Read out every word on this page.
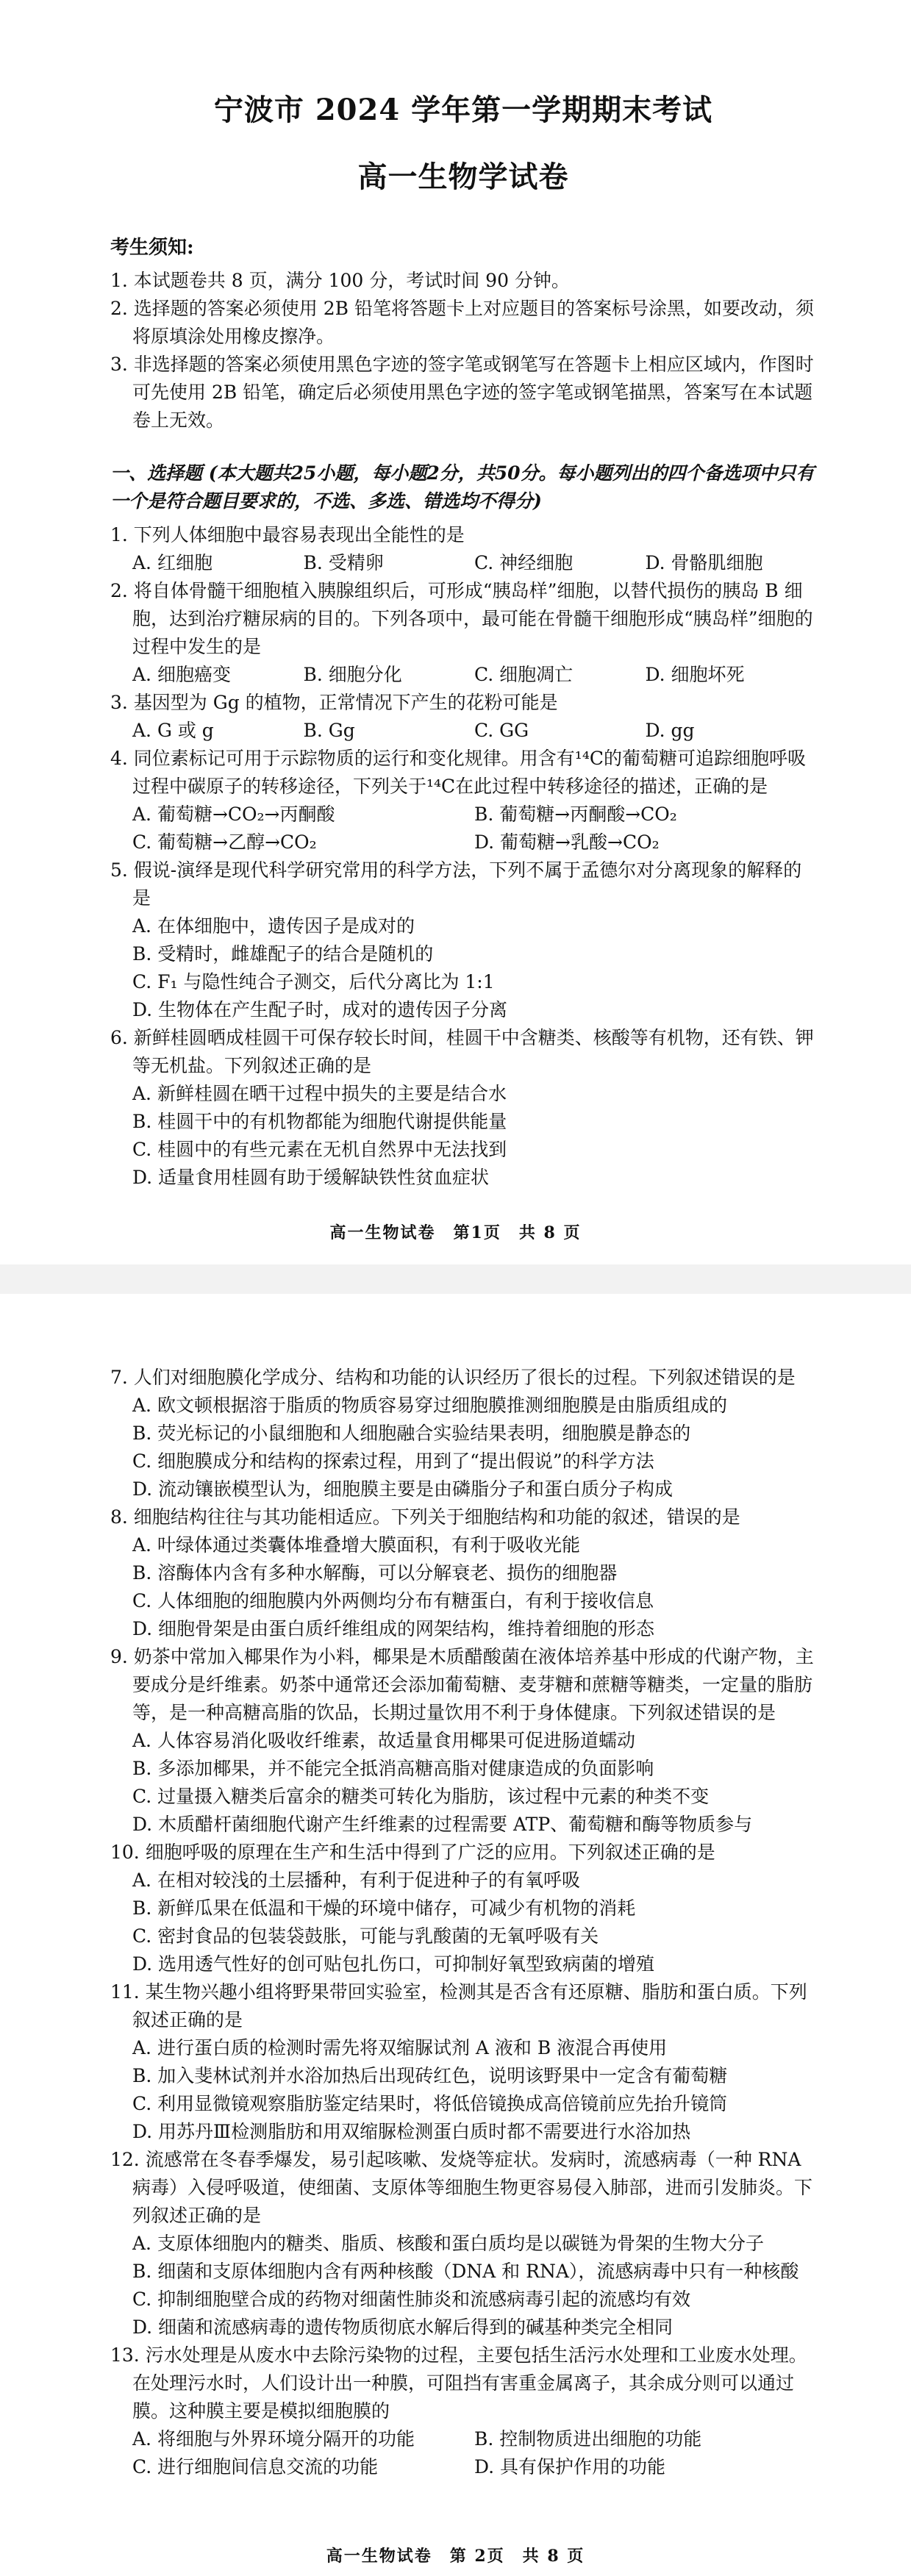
宁波市 2024 学年第一学期期末考试
高一生物学试卷
考生须知:
1. 本试题卷共 8 页，满分 100 分，考试时间 90 分钟。
2. 选择题的答案必须使用 2B 铅笔将答题卡上对应题目的答案标号涂黑，如要改动，须将原填涂处用橡皮擦净。
3. 非选择题的答案必须使用黑色字迹的签字笔或钢笔写在答题卡上相应区域内，作图时可先使用 2B 铅笔，确定后必须使用黑色字迹的签字笔或钢笔描黑，答案写在本试题卷上无效。
一、选择题 (本大题共25小题，每小题2分，共50分。每小题列出的四个备选项中只有一个是符合题目要求的，不选、多选、错选均不得分)
1. 下列人体细胞中最容易表现出全能性的是
A. 红细胞	B. 受精卵	C. 神经细胞	D. 骨骼肌细胞
2. 将自体骨髓干细胞植入胰腺组织后，可形成“胰岛样”细胞，以替代损伤的胰岛 B 细胞，达到治疗糖尿病的目的。下列各项中，最可能在骨髓干细胞形成“胰岛样”细胞的过程中发生的是
A. 细胞癌变	B. 细胞分化	C. 细胞凋亡	D. 细胞坏死
3. 基因型为 Gg 的植物，正常情况下产生的花粉可能是
A. G 或 g	B. Gg	C. GG	D. gg
4. 同位素标记可用于示踪物质的运行和变化规律。用含有¹⁴C的葡萄糖可追踪细胞呼吸过程中碳原子的转移途径，下列关于¹⁴C在此过程中转移途径的描述，正确的是
A. 葡萄糖→CO₂→丙酮酸	B. 葡萄糖→丙酮酸→CO₂
C. 葡萄糖→乙醇→CO₂	D. 葡萄糖→乳酸→CO₂
5. 假说-演绎是现代科学研究常用的科学方法，下列不属于孟德尔对分离现象的解释的是
A. 在体细胞中，遗传因子是成对的
B. 受精时，雌雄配子的结合是随机的
C. F₁ 与隐性纯合子测交，后代分离比为 1:1
D. 生物体在产生配子时，成对的遗传因子分离
6. 新鲜桂圆晒成桂圆干可保存较长时间，桂圆干中含糖类、核酸等有机物，还有铁、钾等无机盐。下列叙述正确的是
A. 新鲜桂圆在晒干过程中损失的主要是结合水
B. 桂圆干中的有机物都能为细胞代谢提供能量
C. 桂圆中的有些元素在无机自然界中无法找到
D. 适量食用桂圆有助于缓解缺铁性贫血症状
高一生物试卷　第1页　共 8 页
7. 人们对细胞膜化学成分、结构和功能的认识经历了很长的过程。下列叙述错误的是
A. 欧文顿根据溶于脂质的物质容易穿过细胞膜推测细胞膜是由脂质组成的
B. 荧光标记的小鼠细胞和人细胞融合实验结果表明，细胞膜是静态的
C. 细胞膜成分和结构的探索过程，用到了“提出假说”的科学方法
D. 流动镶嵌模型认为，细胞膜主要是由磷脂分子和蛋白质分子构成
8. 细胞结构往往与其功能相适应。下列关于细胞结构和功能的叙述，错误的是
A. 叶绿体通过类囊体堆叠增大膜面积，有利于吸收光能
B. 溶酶体内含有多种水解酶，可以分解衰老、损伤的细胞器
C. 人体细胞的细胞膜内外两侧均分布有糖蛋白，有利于接收信息
D. 细胞骨架是由蛋白质纤维组成的网架结构，维持着细胞的形态
9. 奶茶中常加入椰果作为小料，椰果是木质醋酸菌在液体培养基中形成的代谢产物，主要成分是纤维素。奶茶中通常还会添加葡萄糖、麦芽糖和蔗糖等糖类，一定量的脂肪等，是一种高糖高脂的饮品，长期过量饮用不利于身体健康。下列叙述错误的是
A. 人体容易消化吸收纤维素，故适量食用椰果可促进肠道蠕动
B. 多添加椰果，并不能完全抵消高糖高脂对健康造成的负面影响
C. 过量摄入糖类后富余的糖类可转化为脂肪，该过程中元素的种类不变
D. 木质醋杆菌细胞代谢产生纤维素的过程需要 ATP、葡萄糖和酶等物质参与
10. 细胞呼吸的原理在生产和生活中得到了广泛的应用。下列叙述正确的是
A. 在相对较浅的土层播种，有利于促进种子的有氧呼吸
B. 新鲜瓜果在低温和干燥的环境中储存，可减少有机物的消耗
C. 密封食品的包装袋鼓胀，可能与乳酸菌的无氧呼吸有关
D. 选用透气性好的创可贴包扎伤口，可抑制好氧型致病菌的增殖
11. 某生物兴趣小组将野果带回实验室，检测其是否含有还原糖、脂肪和蛋白质。下列叙述正确的是
A. 进行蛋白质的检测时需先将双缩脲试剂 A 液和 B 液混合再使用
B. 加入斐林试剂并水浴加热后出现砖红色，说明该野果中一定含有葡萄糖
C. 利用显微镜观察脂肪鉴定结果时，将低倍镜换成高倍镜前应先抬升镜筒
D. 用苏丹Ⅲ检测脂肪和用双缩脲检测蛋白质时都不需要进行水浴加热
12. 流感常在冬春季爆发，易引起咳嗽、发烧等症状。发病时，流感病毒（一种 RNA 病毒）入侵呼吸道，使细菌、支原体等细胞生物更容易侵入肺部，进而引发肺炎。下列叙述正确的是
A. 支原体细胞内的糖类、脂质、核酸和蛋白质均是以碳链为骨架的生物大分子
B. 细菌和支原体细胞内含有两种核酸（DNA 和 RNA），流感病毒中只有一种核酸
C. 抑制细胞壁合成的药物对细菌性肺炎和流感病毒引起的流感均有效
D. 细菌和流感病毒的遗传物质彻底水解后得到的碱基种类完全相同
13. 污水处理是从废水中去除污染物的过程，主要包括生活污水处理和工业废水处理。在处理污水时，人们设计出一种膜，可阻挡有害重金属离子，其余成分则可以通过膜。这种膜主要是模拟细胞膜的
A. 将细胞与外界环境分隔开的功能	B. 控制物质进出细胞的功能
C. 进行细胞间信息交流的功能	D. 具有保护作用的功能
高一生物试卷　第 2页　共 8 页
